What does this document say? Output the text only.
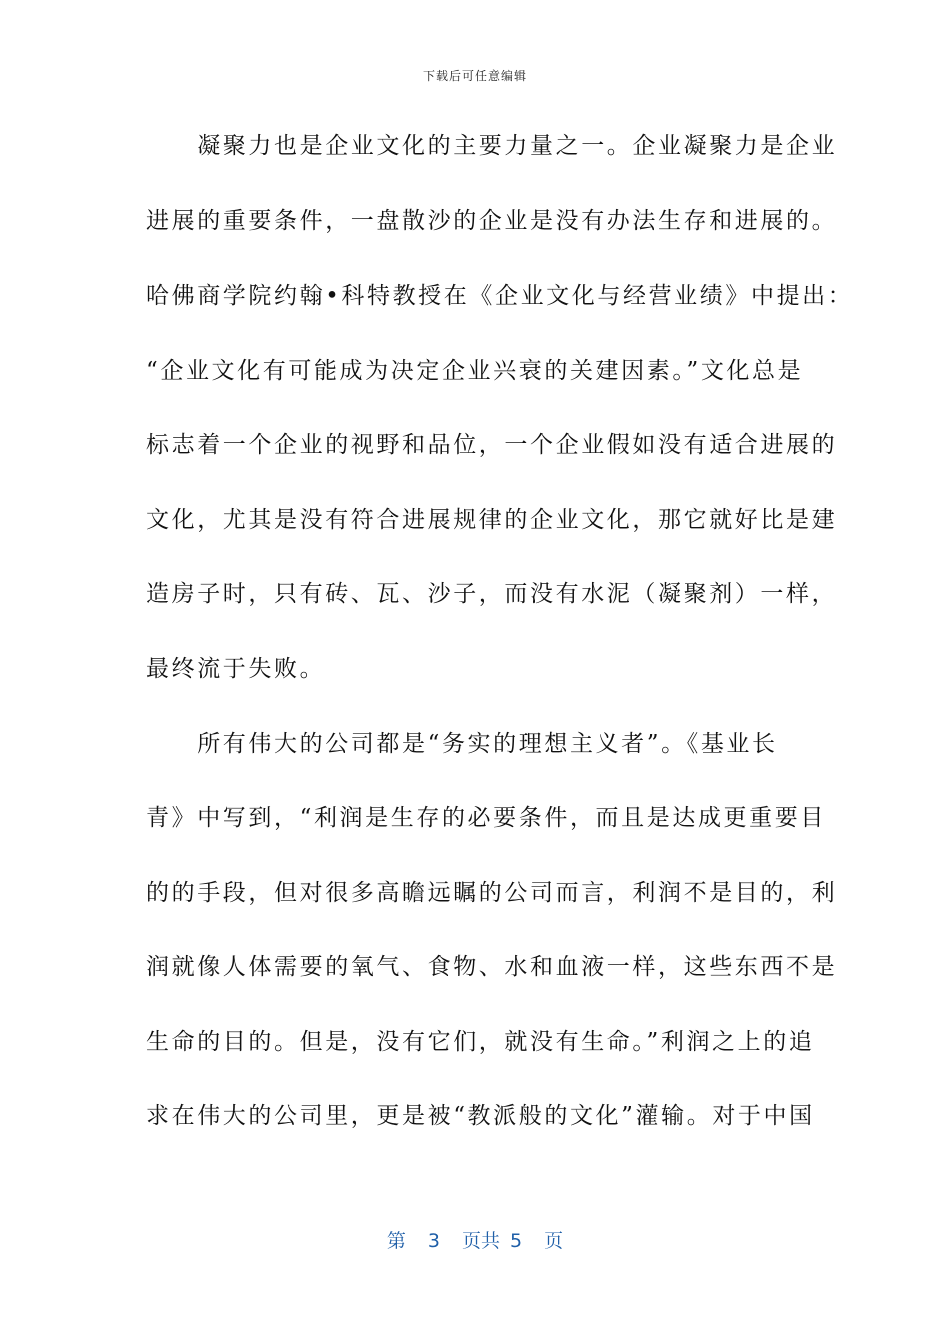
下载后可任意编辑
　　凝聚力也是企业文化的主要力量之一。企业凝聚力是企业
进展的重要条件，一盘散沙的企业是没有办法生存和进展的。
哈佛商学院约翰•科特教授在《企业文化与经营业绩》中提出：
“企业文化有可能成为决定企业兴衰的关建因素。”文化总是
标志着一个企业的视野和品位，一个企业假如没有适合进展的
文化，尤其是没有符合进展规律的企业文化，那它就好比是建
造房子时，只有砖、瓦、沙子，而没有水泥（凝聚剂）一样，
最终流于失败。
　　所有伟大的公司都是“务实的理想主义者”。《基业长
青》中写到，“利润是生存的必要条件，而且是达成更重要目
的的手段，但对很多高瞻远瞩的公司而言，利润不是目的，利
润就像人体需要的氧气、食物、水和血液一样，这些东西不是
生命的目的。但是，没有它们，就没有生命。”利润之上的追
求在伟大的公司里，更是被“教派般的文化”灌输。对于中国
第 3 页共 5 页
